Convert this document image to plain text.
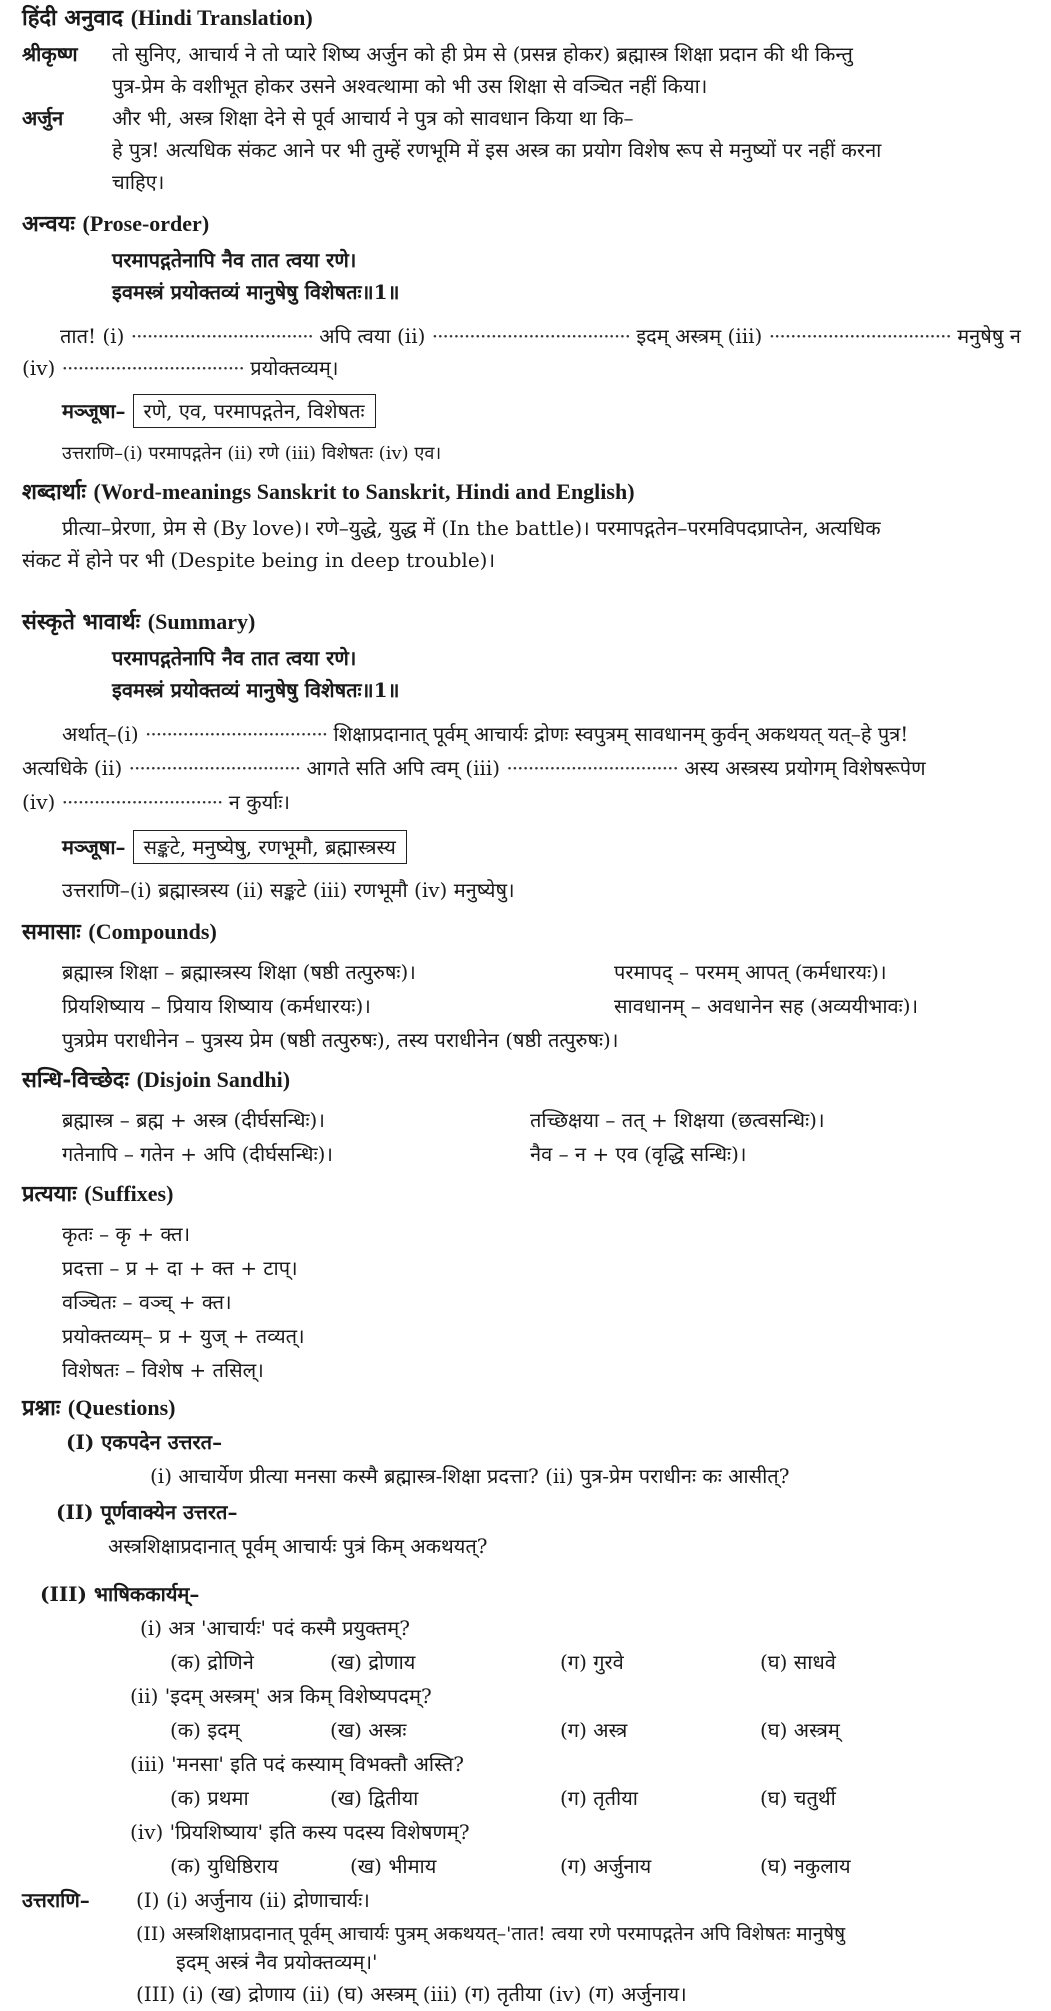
हिंदी अनुवाद (Hindi Translation)
श्रीकृष्ण तो सुनिए, आचार्य ने तो प्यारे शिष्य अर्जुन को ही प्रेम से (प्रसन्न होकर) ब्रह्मास्त्र शिक्षा प्रदान की थी किन्तु
पुत्र-प्रेम के वशीभूत होकर उसने अश्वत्थामा को भी उस शिक्षा से वञ्चित नहीं किया।
अर्जुन और भी, अस्त्र शिक्षा देने से पूर्व आचार्य ने पुत्र को सावधान किया था कि–
हे पुत्र! अत्यधिक संकट आने पर भी तुम्हें रणभूमि में इस अस्त्र का प्रयोग विशेष रूप से मनुष्यों पर नहीं करना
चाहिए।
अन्वयः (Prose-order)
परमापद्गतेनापि नैव तात त्वया रणे।
इवमस्त्रं प्रयोक्तव्यं मानुषेषु विशेषतः॥1॥
तात! (i) ·································· अपि त्वया (ii) ····································· इदम् अस्त्रम् (iii) ·································· मनुषेषु न
(iv) ·································· प्रयोक्तव्यम्।
मञ्जूषा– रणे, एव, परमापद्गतेन, विशेषतः
उत्तराणि–(i) परमापद्गतेन (ii) रणे (iii) विशेषतः (iv) एव।
शब्दार्थाः (Word-meanings Sanskrit to Sanskrit, Hindi and English)
प्रीत्या–प्रेरणा, प्रेम से (By love)। रणे–युद्धे, युद्ध में (In the battle)। परमापद्गतेन–परमविपदप्राप्तेन, अत्यधिक
संकट में होने पर भी (Despite being in deep trouble)।
संस्कृते भावार्थः (Summary)
परमापद्गतेनापि नैव तात त्वया रणे।
इवमस्त्रं प्रयोक्तव्यं मानुषेषु विशेषतः॥1॥
अर्थात्–(i) ·································· शिक्षाप्रदानात् पूर्वम् आचार्यः द्रोणः स्वपुत्रम् सावधानम् कुर्वन् अकथयत् यत्–हे पुत्र!
अत्यधिके (ii) ································ आगते सति अपि त्वम् (iii) ································ अस्य अस्त्रस्य प्रयोगम् विशेषरूपेण
(iv) ······························ न कुर्याः।
मञ्जूषा– सङ्कटे, मनुष्येषु, रणभूमौ, ब्रह्मास्त्रस्य
उत्तराणि–(i) ब्रह्मास्त्रस्य (ii) सङ्कटे (iii) रणभूमौ (iv) मनुष्येषु।
समासाः (Compounds)
ब्रह्मास्त्र शिक्षा – ब्रह्मास्त्रस्य शिक्षा (षष्ठी तत्पुरुषः)।	परमापद् – परमम् आपत् (कर्मधारयः)।
प्रियशिष्याय – प्रियाय शिष्याय (कर्मधारयः)।	सावधानम् – अवधानेन सह (अव्ययीभावः)।
पुत्रप्रेम पराधीनेन – पुत्रस्य प्रेम (षष्ठी तत्पुरुषः), तस्य पराधीनेन (षष्ठी तत्पुरुषः)।
सन्धि-विच्छेदः (Disjoin Sandhi)
ब्रह्मास्त्र – ब्रह्म + अस्त्र (दीर्घसन्धिः)।	तच्छिक्षया – तत् + शिक्षया (छत्वसन्धिः)।
गतेनापि – गतेन + अपि (दीर्घसन्धिः)।	नैव – न + एव (वृद्धि सन्धिः)।
प्रत्ययाः (Suffixes)
कृतः – कृ + क्त।
प्रदत्ता – प्र + दा + क्त + टाप्।
वञ्चितः – वञ्च् + क्त।
प्रयोक्तव्यम्– प्र + युज् + तव्यत्।
विशेषतः – विशेष + तसिल्।
प्रश्नाः (Questions)
(I) एकपदेन उत्तरत–
(i) आचार्येण प्रीत्या मनसा कस्मै ब्रह्मास्त्र-शिक्षा प्रदत्ता? (ii) पुत्र-प्रेम पराधीनः कः आसीत्?
(II) पूर्णवाक्येन उत्तरत–
अस्त्रशिक्षाप्रदानात् पूर्वम् आचार्यः पुत्रं किम् अकथयत्?
(III) भाषिककार्यम्–
(i) अत्र 'आचार्यः' पदं कस्मै प्रयुक्तम्?
(क) द्रोणिने	(ख) द्रोणाय	(ग) गुरवे	(घ) साधवे
(ii) 'इदम् अस्त्रम्' अत्र किम् विशेष्यपदम्?
(क) इदम्	(ख) अस्त्रः	(ग) अस्त्र	(घ) अस्त्रम्
(iii) 'मनसा' इति पदं कस्याम् विभक्तौ अस्ति?
(क) प्रथमा	(ख) द्वितीया	(ग) तृतीया	(घ) चतुर्थी
(iv) 'प्रियशिष्याय' इति कस्य पदस्य विशेषणम्?
(क) युधिष्ठिराय	(ख) भीमाय	(ग) अर्जुनाय	(घ) नकुलाय
उत्तराणि– (I) (i) अर्जुनाय (ii) द्रोणाचार्यः।
(II) अस्त्रशिक्षाप्रदानात् पूर्वम् आचार्यः पुत्रम् अकथयत्–'तात! त्वया रणे परमापद्गतेन अपि विशेषतः मानुषेषु
इदम् अस्त्रं नैव प्रयोक्तव्यम्।'
(III) (i) (ख) द्रोणाय (ii) (घ) अस्त्रम् (iii) (ग) तृतीया (iv) (ग) अर्जुनाय।
